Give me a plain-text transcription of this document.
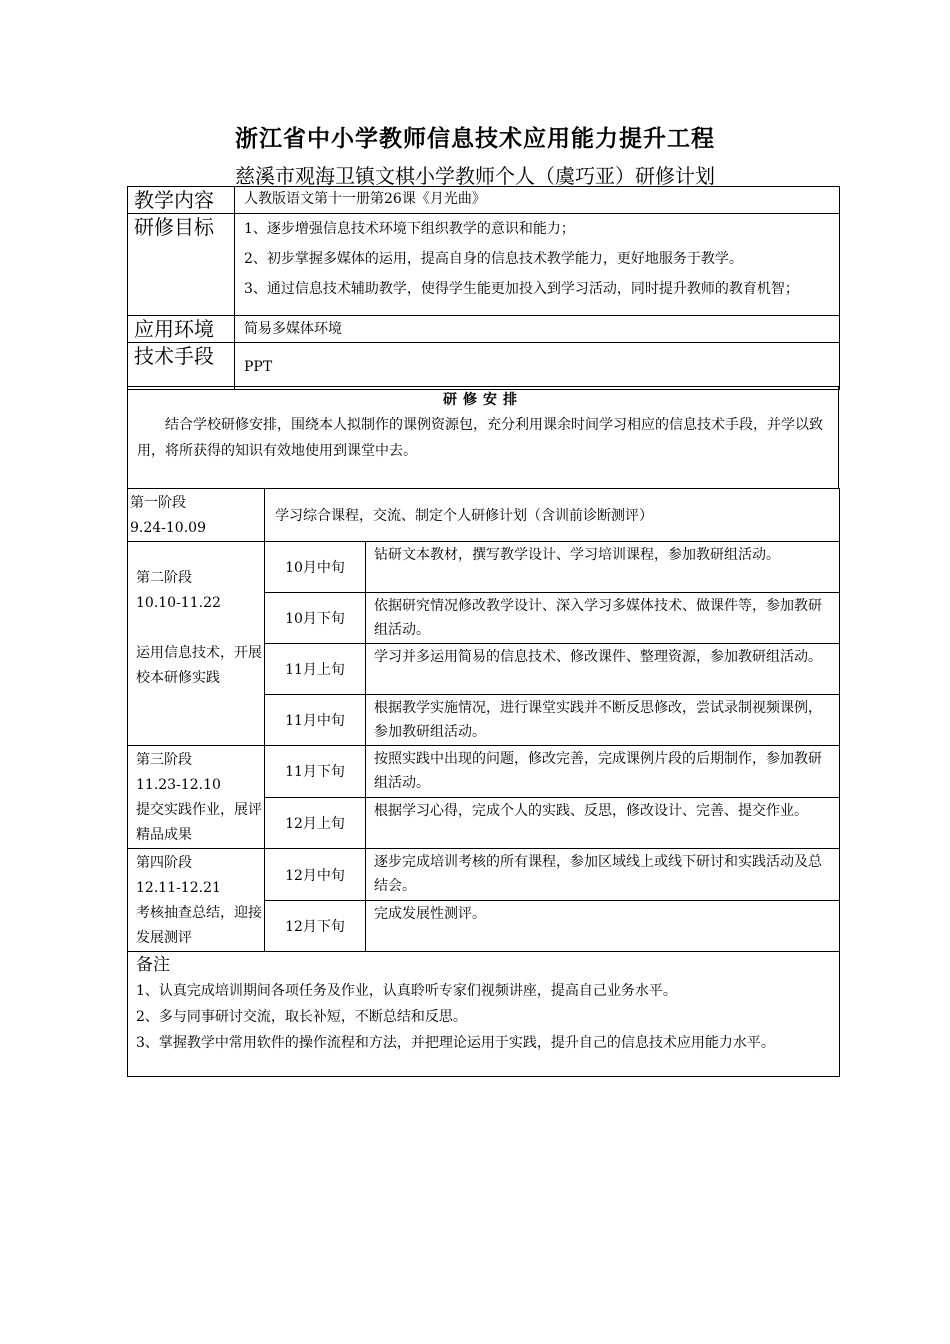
浙江省中小学教师信息技术应用能力提升工程
慈溪市观海卫镇文棋小学教师个人（虞巧亚）研修计划
教学内容	人教版语文第十一册第26课《月光曲》
研修目标	1、逐步增强信息技术环境下组织教学的意识和能力；
2、初步掌握多媒体的运用，提高自身的信息技术教学能力，更好地服务于教学。
3、通过信息技术辅助教学，使得学生能更加投入到学习活动，同时提升教师的教育机智；

应用环境	简易多媒体环境
技术手段	PPT
研修安排
结合学校研修安排，围绕本人拟制作的课例资源包，充分利用课余时间学习相应的信息技术手段，并学以致用，将所获得的知识有效地使用到课堂中去。
第一阶段
9.24-10.09	学习综合课程，交流、制定个人研修计划（含训前诊断测评）	

第二阶段
10.10-11.22
运用信息技术，开展校本研修实践	10月中旬	钻研文本教材，撰写教学设计、学习培训课程，参加教研组活动。
	10月下旬	依据研究情况修改教学设计、深入学习多媒体技术、做课件等，参加教研组活动。
	11月上旬	学习并多运用简易的信息技术、修改课件、整理资源，参加教研组活动。
	11月中旬	根据教学实施情况，进行课堂实践并不断反思修改，尝试录制视频课例，参加教研组活动。

第三阶段
11.23-12.10
提交实践作业，展评精品成果	11月下旬	按照实践中出现的问题，修改完善，完成课例片段的后期制作，参加教研组活动。
	12月上旬	根据学习心得，完成个人的实践、反思，修改设计、完善、提交作业。

第四阶段
12.11-12.21
考核抽查总结，迎接发展测评	12月中旬	逐步完成培训考核的所有课程，参加区域线上或线下研讨和实践活动及总结会。
	12月下旬	完成发展性测评。

备注
1、认真完成培训期间各项任务及作业，认真聆听专家们视频讲座，提高自己业务水平。
2、多与同事研讨交流，取长补短，不断总结和反思。
3、掌握教学中常用软件的操作流程和方法，并把理论运用于实践，提升自己的信息技术应用能力水平。		
